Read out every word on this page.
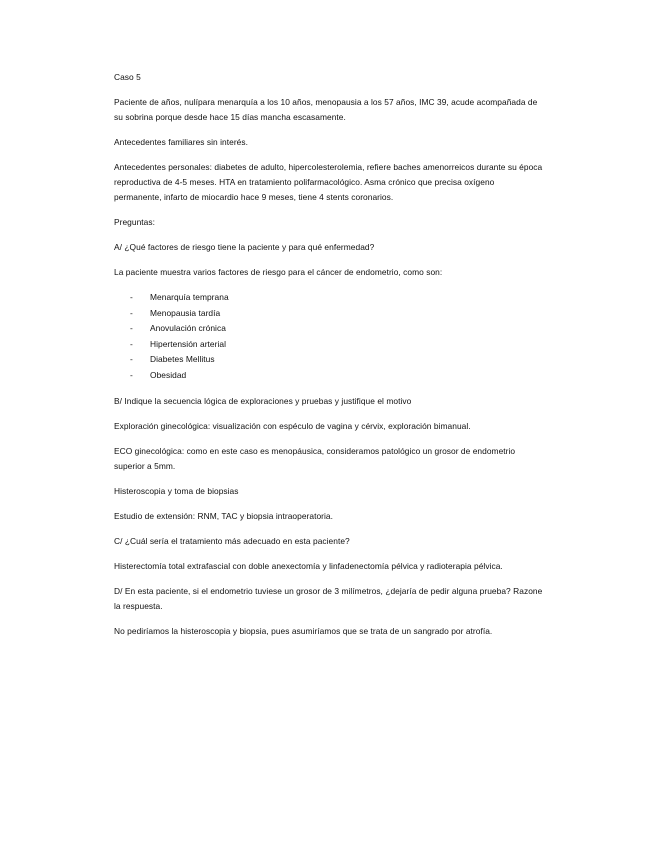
Caso 5

Paciente de años, nulípara menarquía a los 10 años, menopausia a los 57 años, IMC 39, acude acompañada de su sobrina porque desde hace 15 días mancha escasamente.

Antecedentes familiares sin interés.

Antecedentes personales: diabetes de adulto, hipercolesterolemia, refiere baches amenorreicos durante su época reproductiva de 4-5 meses. HTA en tratamiento polifarmacológico. Asma crónico que precisa oxígeno permanente, infarto de miocardio hace 9 meses, tiene 4 stents coronarios.

Preguntas:

A/ ¿Qué factores de riesgo tiene la paciente y para qué enfermedad?

La paciente muestra varios factores de riesgo para el cáncer de endometrio, como son:

-	Menarquía temprana
-	Menopausia tardía
-	Anovulación crónica
-	Hipertensión arterial
-	Diabetes Mellitus
-	Obesidad

B/ Indique la secuencia lógica de exploraciones y pruebas y justifique el motivo

Exploración ginecológica: visualización con espéculo de vagina y cérvix, exploración bimanual.

ECO ginecológica: como en este caso es menopáusica, consideramos patológico un grosor de endometrio superior a 5mm.

Histeroscopia y toma de biopsias

Estudio de extensión: RNM, TAC y biopsia intraoperatoria.

C/ ¿Cuál sería el tratamiento más adecuado en esta paciente?

Histerectomía total extrafascial con doble anexectomía y linfadenectomía pélvica y radioterapia pélvica.

D/ En esta paciente, si el endometrio tuviese un grosor de 3 milímetros, ¿dejaría de pedir alguna prueba? Razone la respuesta.

No pediríamos la histeroscopia y biopsia, pues asumiríamos que se trata de un sangrado por atrofía.
